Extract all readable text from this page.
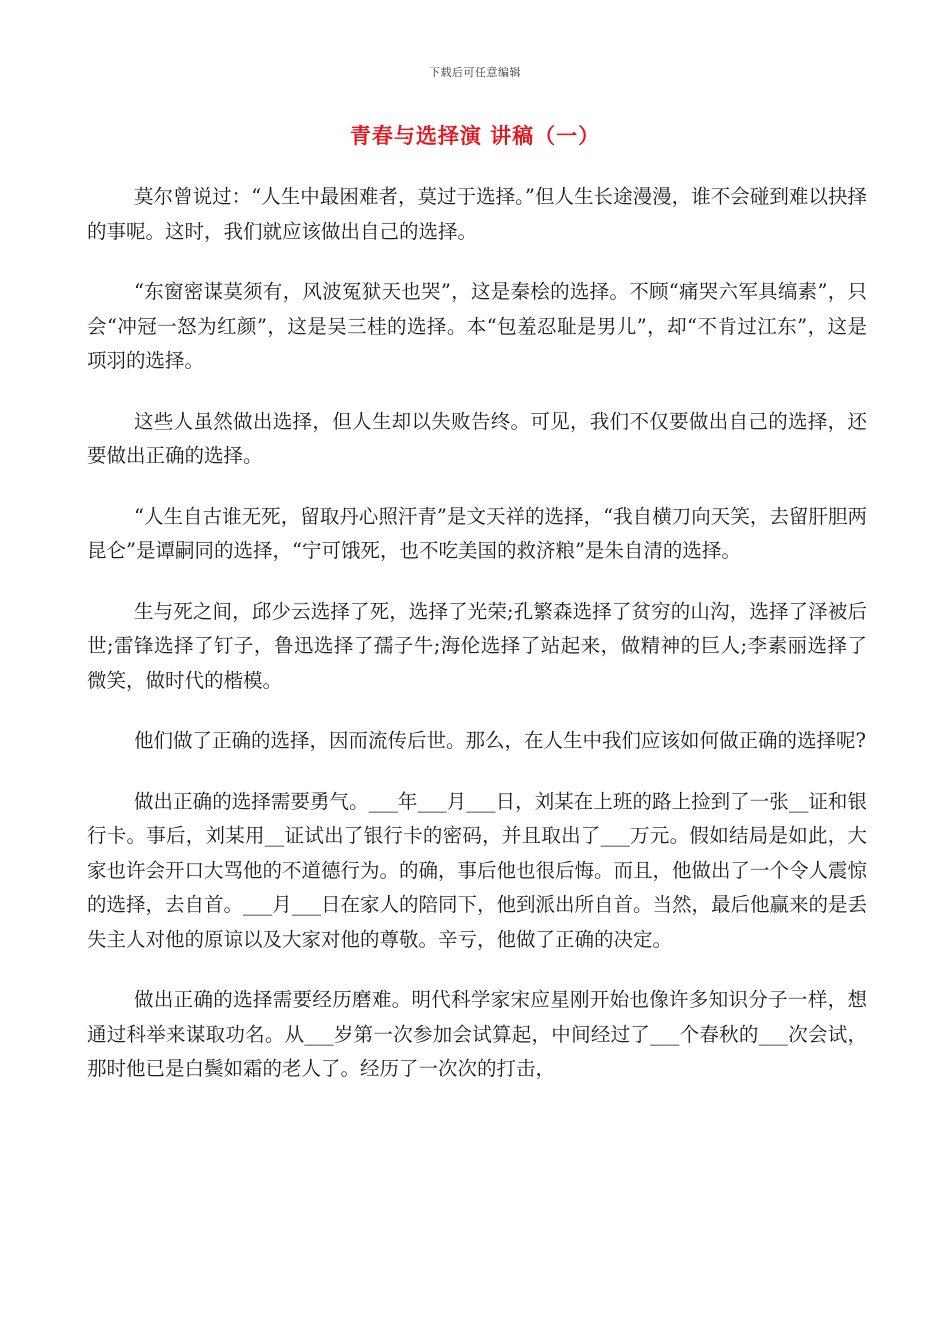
下载后可任意编辑
青春与选择演 讲稿（一）

莫尔曾说过：“人生中最困难者，莫过于选择。”但人生长途漫漫，谁不会碰到难以抉择的事呢。这时，我们就应该做出自己的选择。

“东窗密谋莫须有，风波冤狱天也哭”，这是秦桧的选择。不顾“痛哭六军具缟素”，只会“冲冠一怒为红颜”，这是吴三桂的选择。本“包羞忍耻是男儿”，却“不肯过江东”，这是项羽的选择。

这些人虽然做出选择，但人生却以失败告终。可见，我们不仅要做出自己的选择，还要做出正确的选择。

“人生自古谁无死，留取丹心照汗青”是文天祥的选择，“我自横刀向天笑，去留肝胆两昆仑”是谭嗣同的选择，“宁可饿死，也不吃美国的救济粮”是朱自清的选择。

生与死之间，邱少云选择了死，选择了光荣;孔繁森选择了贫穷的山沟，选择了泽被后世;雷锋选择了钉子，鲁迅选择了孺子牛;海伦选择了站起来，做精神的巨人;李素丽选择了微笑，做时代的楷模。

他们做了正确的选择，因而流传后世。那么，在人生中我们应该如何做正确的选择呢?

做出正确的选择需要勇气。___年___月___日，刘某在上班的路上捡到了一张__证和银行卡。事后，刘某用__证试出了银行卡的密码，并且取出了___万元。假如结局是如此，大家也许会开口大骂他的不道德行为。的确，事后他也很后悔。而且，他做出了一个令人震惊的选择，去自首。___月___日在家人的陪同下，他到派出所自首。当然，最后他赢来的是丢失主人对他的原谅以及大家对他的尊敬。辛亏，他做了正确的决定。

做出正确的选择需要经历磨难。明代科学家宋应星刚开始也像许多知识分子一样，想通过科举来谋取功名。从___岁第一次参加会试算起，中间经过了___个春秋的___次会试，那时他已是白鬓如霜的老人了。经历了一次次的打击，
